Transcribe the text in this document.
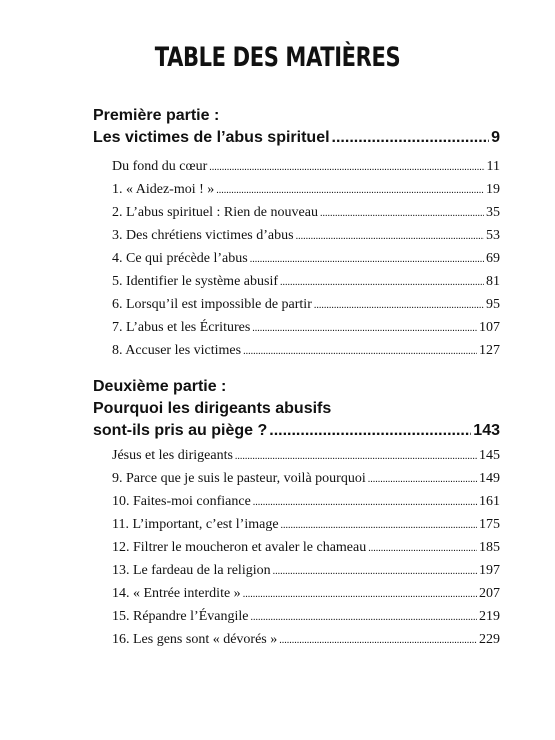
TABLE DES MATIÈRES
Première partie :
Les victimes de l’abus spirituel .....	9
Du fond du cœur .....	11
1. « Aidez-moi ! » .....	19
2. L’abus spirituel : Rien de nouveau .....	35
3. Des chrétiens victimes d’abus .....	53
4. Ce qui précède l’abus .....	69
5. Identifier le système abusif .....	81
6. Lorsqu’il est impossible de partir .....	95
7. L’abus et les Écritures .....	107
8. Accuser les victimes .....	127
Deuxième partie :
Pourquoi les dirigeants abusifs
sont-ils pris au piège ? .....	143
Jésus et les dirigeants .....	145
9. Parce que je suis le pasteur, voilà pourquoi .....	149
10. Faites-moi confiance .....	161
11. L’important, c’est l’image .....	175
12. Filtrer le moucheron et avaler le chameau .....	185
13. Le fardeau de la religion .....	197
14. « Entrée interdite » .....	207
15. Répandre l’Évangile .....	219
16. Les gens sont « dévorés » .....	229
